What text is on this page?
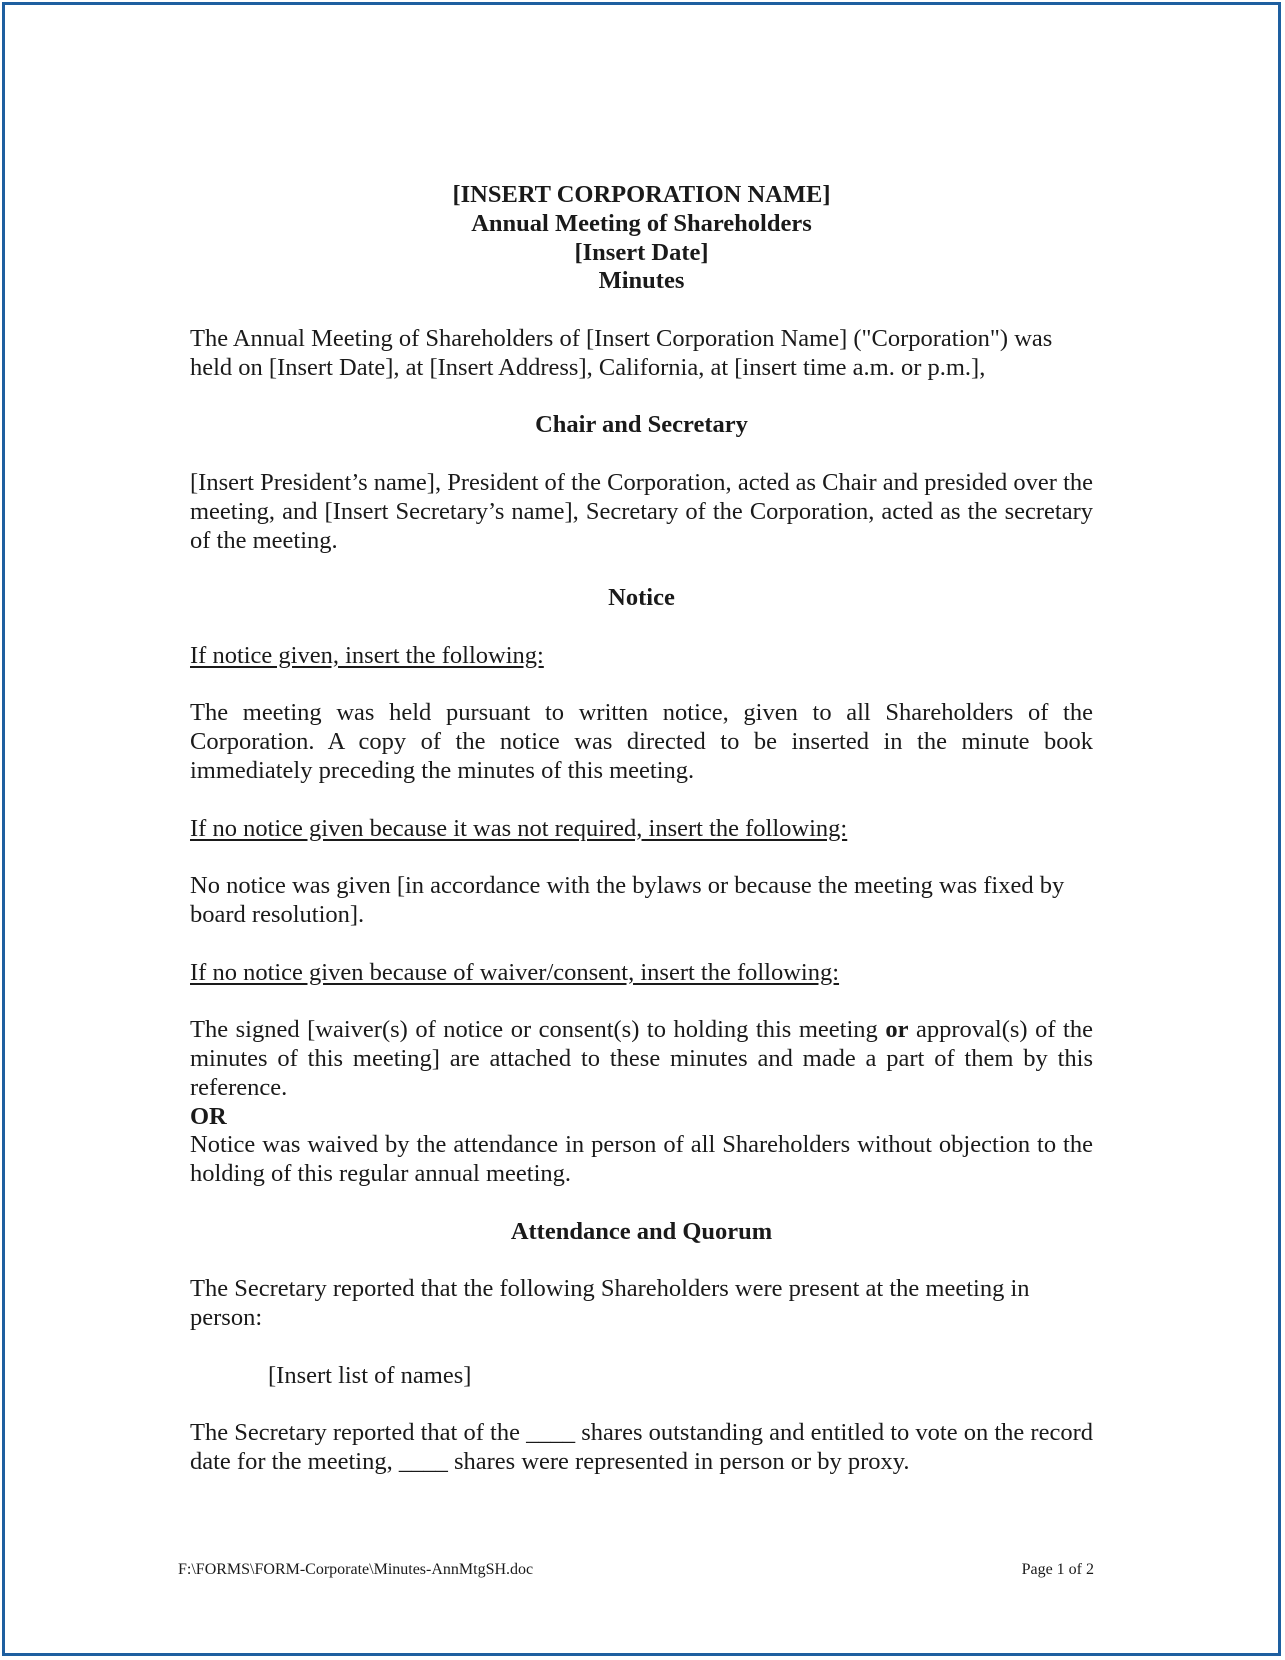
[INSERT CORPORATION NAME]

Annual Meeting of Shareholders

[Insert Date]

Minutes

The Annual Meeting of Shareholders of [Insert Corporation Name] ("Corporation") was held on [Insert Date], at [Insert Address], California, at [insert time a.m. or p.m.],

Chair and Secretary

[Insert President’s name], President of the Corporation, acted as Chair and presided over the meeting, and [Insert Secretary’s name], Secretary of the Corporation, acted as the secretary of the meeting.

Notice

If notice given, insert the following:

The meeting was held pursuant to written notice, given to all Shareholders of the Corporation. A copy of the notice was directed to be inserted in the minute book immediately preceding the minutes of this meeting.

If no notice given because it was not required, insert the following:

No notice was given [in accordance with the bylaws or because the meeting was fixed by board resolution].

If no notice given because of waiver/consent, insert the following:

The signed [waiver(s) of notice or consent(s) to holding this meeting or approval(s) of the minutes of this meeting] are attached to these minutes and made a part of them by this reference.

OR

Notice was waived by the attendance in person of all Shareholders without objection to the holding of this regular annual meeting.

Attendance and Quorum

The Secretary reported that the following Shareholders were present at the meeting in person:

[Insert list of names]

The Secretary reported that of the ____ shares outstanding and entitled to vote on the record date for the meeting, ____ shares were represented in person or by proxy.

F:\FORMS\FORM-Corporate\Minutes-AnnMtgSH.doc	Page 1 of 2
